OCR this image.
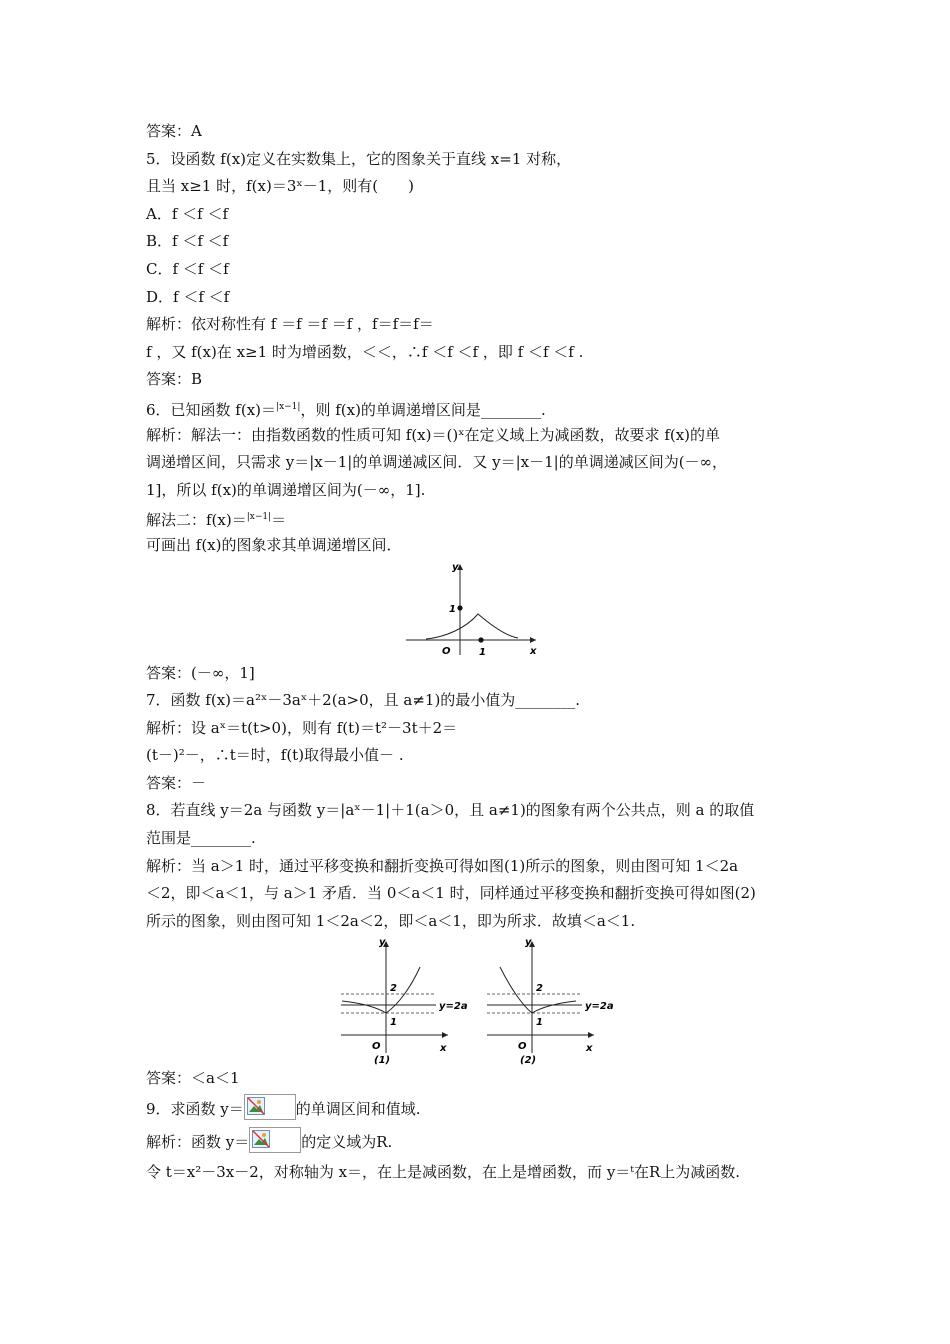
答案：A
5．设函数 f(x)定义在实数集上，它的图象关于直线 x=1 对称，
且当 x≥1 时，f(x)＝3ˣ－1，则有(　　)
A．f ＜f ＜f
B．f ＜f ＜f
C．f ＜f ＜f
D．f ＜f ＜f
解析：依对称性有 f ＝f ＝f ＝f ，f＝f＝f＝
f ，又 f(x)在 x≥1 时为增函数，＜＜，∴f ＜f ＜f ，即 f ＜f ＜f .
答案：B
6．已知函数 f(x)＝$^{|x-1|}$，则 f(x)的单调递增区间是________.
解析：解法一：由指数函数的性质可知 f(x)＝()ˣ在定义域上为减函数，故要求 f(x)的单
调递增区间，只需求 y＝|x－1|的单调递减区间．又 y＝|x－1|的单调递减区间为(－∞，
1]，所以 f(x)的单调递增区间为(－∞，1].
解法二：f(x)＝$^{|x-1|}$＝
可画出 f(x)的图象求其单调递增区间．
y
x
O
1
1
答案：(－∞，1]
7．函数 f(x)＝a²ˣ－3aˣ＋2(a>0，且 a≠1)的最小值为________.
解析：设 aˣ＝t(t>0)，则有 f(t)＝t²－3t＋2＝
(t－)²－，∴t＝时，f(t)取得最小值－ .
答案：－
8．若直线 y＝2a 与函数 y＝|aˣ－1|＋1(a＞0，且 a≠1)的图象有两个公共点，则 a 的取值
范围是________.
解析：当 a＞1 时，通过平移变换和翻折变换可得如图(1)所示的图象，则由图可知 1＜2a
＜2，即＜a＜1，与 a＞1 矛盾．当 0＜a＜1 时，同样通过平移变换和翻折变换可得如图(2)
所示的图象，则由图可知 1＜2a＜2，即＜a＜1，即为所求．故填＜a＜1.
y
x
O
2
1
y=2a
(1)
y
x
O
2
1
y=2a
(2)
答案：＜a＜1
9．求函数 y＝	的单调区间和值域.
解析：函数 y＝	的定义域为R.
令 t＝x²－3x－2，对称轴为 x＝，在上是减函数，在上是增函数，而 y＝ᵗ在R上为减函数.
